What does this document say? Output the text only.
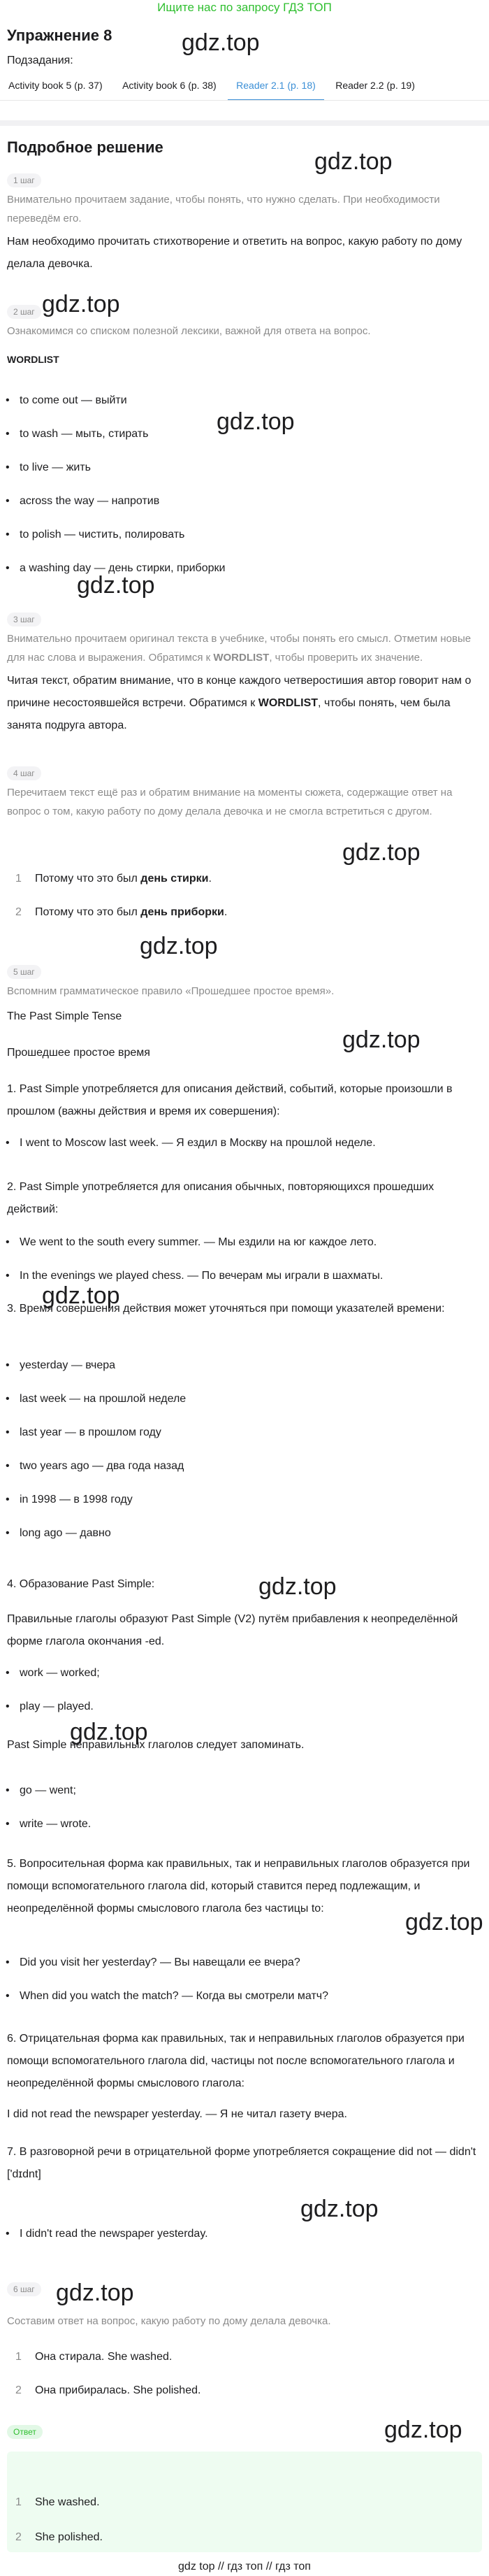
Ищите нас по запросу ГДЗ ТОП
Упражнение 8
Подзадания:
Activity book 5 (p. 37) Activity book 6 (p. 38) Reader 2.1 (p. 18) Reader 2.2 (p. 19)
Подробное решение
gdz.top
gdz.top
gdz.top
gdz.top
gdz.top
gdz.top
gdz.top
gdz.top
gdz.top
gdz.top
gdz.top
gdz.top
gdz.top
gdz.top
gdz.top
1 шаг
Внимательно прочитаем задание, чтобы понять, что нужно сделать. При необходимости переведём его.
Нам необходимо прочитать стихотворение и ответить на вопрос, какую работу по дому делала девочка.
2 шаг
Ознакомимся со списком полезной лексики, важной для ответа на вопрос.
WORDLIST
• to come out — выйти
• to wash — мыть, стирать
• to live — жить
• across the way — напротив
• to polish — чистить, полировать
• a washing day — день стирки, приборки
3 шаг
Внимательно прочитаем оригинал текста в учебнике, чтобы понять его смысл. Отметим новые для нас слова и выражения. Обратимся к WORDLIST, чтобы проверить их значение.
Читая текст, обратим внимание, что в конце каждого четверостишия автор говорит нам о причине несостоявшейся встречи. Обратимся к WORDLIST, чтобы понять, чем была занята подруга автора.
4 шаг
Перечитаем текст ещё раз и обратим внимание на моменты сюжета, содержащие ответ на вопрос о том, какую работу по дому делала девочка и не смогла встретиться с другом.
1 Потому что это был день стирки.
2 Потому что это был день приборки.
5 шаг
Вспомним грамматическое правило «Прошедшее простое время».
The Past Simple Tense
Прошедшее простое время
1. Past Simple употребляется для описания действий, событий, которые произошли в прошлом (важны действия и время их совершения):
• I went to Moscow last week. — Я ездил в Москву на прошлой неделе.
2. Past Simple употребляется для описания обычных, повторяющихся прошедших действий:
• We went to the south every summer. — Мы ездили на юг каждое лето.
• In the evenings we played chess. — По вечерам мы играли в шахматы.
3. Время совершения действия может уточняться при помощи указателей времени:
• yesterday — вчера
• last week — на прошлой неделе
• last year — в прошлом году
• two years ago — два года назад
• in 1998 — в 1998 году
• long ago — давно
4. Образование Past Simple:
Правильные глаголы образуют Past Simple (V2) путём прибавления к неопределённой форме глагола окончания -ed.
• work — worked;
• play — played.
Past Simple неправильных глаголов следует запоминать.
• go — went;
• write — wrote.
5. Вопросительная форма как правильных, так и неправильных глаголов образуется при помощи вспомогательного глагола did, который ставится перед подлежащим, и неопределённой формы смыслового глагола без частицы to:
• Did you visit her yesterday? — Вы навещали ее вчера?
• When did you watch the match? — Когда вы смотрели матч?
6. Отрицательная форма как правильных, так и неправильных глаголов образуется при помощи вспомогательного глагола did, частицы not после вспомогательного глагола и неопределённой формы смыслового глагола:
I did not read the newspaper yesterday. — Я не читал газету вчера.
7. В разговорной речи в отрицательной форме употребляется сокращение did not — didn't ['dɪdnt]
• I didn't read the newspaper yesterday.
6 шаг
Составим ответ на вопрос, какую работу по дому делала девочка.
1 Она стирала. She washed.
2 Она прибиралась. She polished.
Ответ
1 She washed.
2 She polished.
gdz top // гдз топ // гдз топ
